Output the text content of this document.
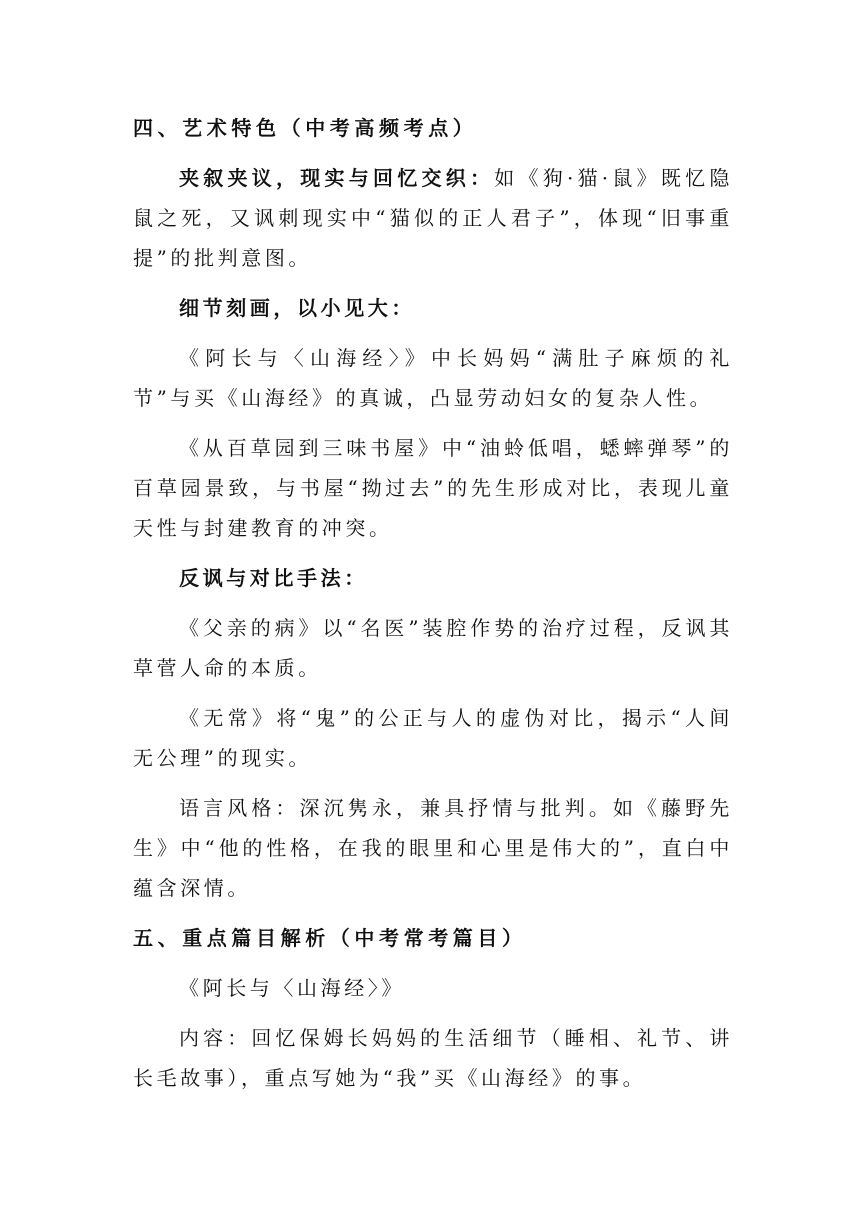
四、艺术特色（中考高频考点）

夹叙夹议，现实与回忆交织：如《狗·猫·鼠》既忆隐鼠之死，又讽刺现实中“猫似的正人君子”，体现“旧事重提”的批判意图。

细节刻画，以小见大：

《阿长与〈山海经〉》中长妈妈“满肚子麻烦的礼节”与买《山海经》的真诚，凸显劳动妇女的复杂人性。

《从百草园到三味书屋》中“油蛉低唱，蟋蟀弹琴”的百草园景致，与书屋“拗过去”的先生形成对比，表现儿童天性与封建教育的冲突。

反讽与对比手法：

《父亲的病》以“名医”装腔作势的治疗过程，反讽其草菅人命的本质。

《无常》将“鬼”的公正与人的虚伪对比，揭示“人间无公理”的现实。

语言风格：深沉隽永，兼具抒情与批判。如《藤野先生》中“他的性格，在我的眼里和心里是伟大的”，直白中蕴含深情。

五、重点篇目解析（中考常考篇目）

《阿长与〈山海经〉》

内容：回忆保姆长妈妈的生活细节（睡相、礼节、讲长毛故事），重点写她为“我”买《山海经》的事。
